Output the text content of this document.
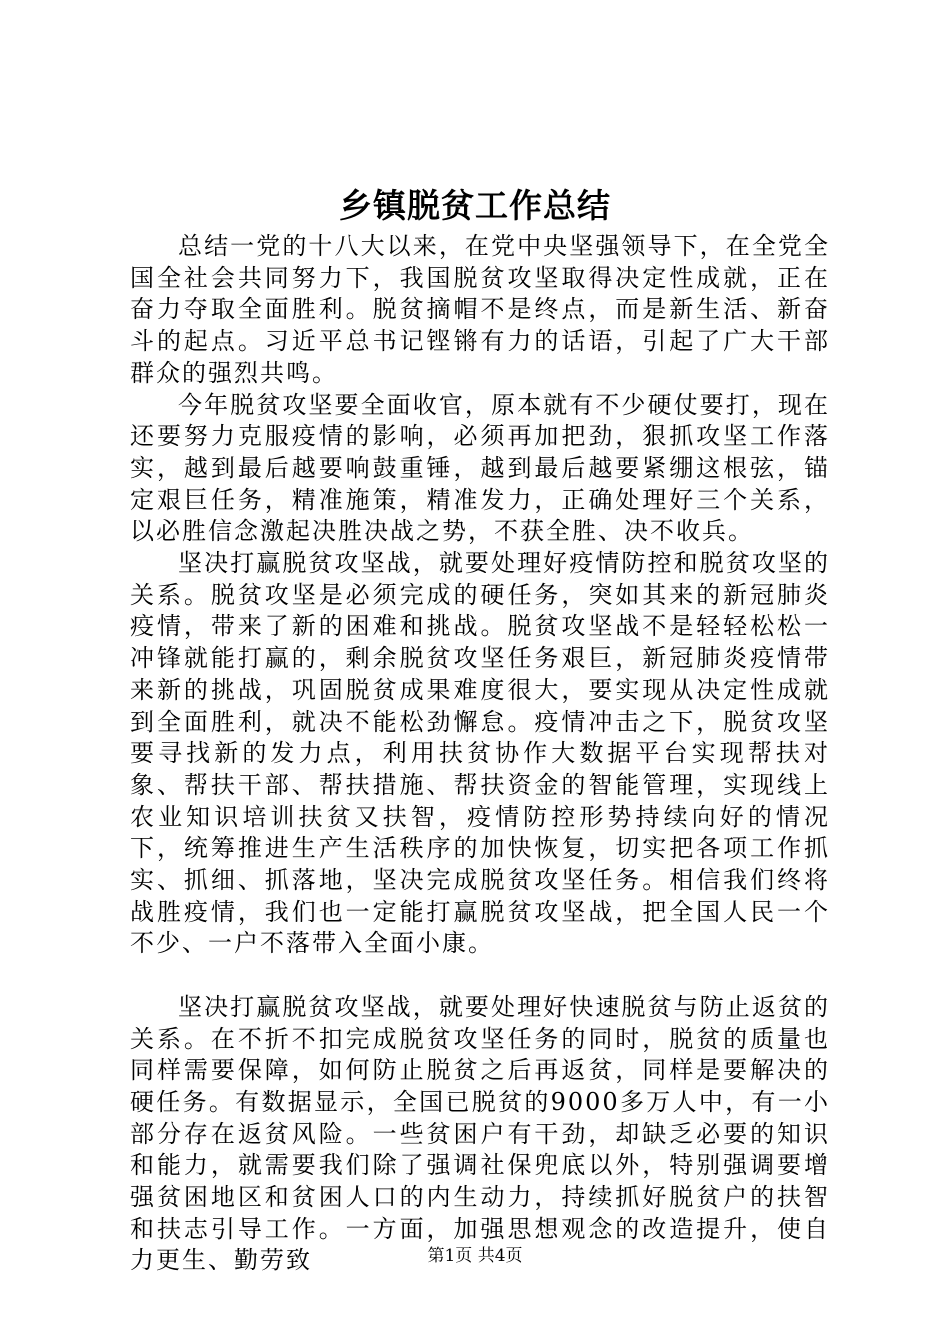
乡镇脱贫工作总结

总结一党的十八大以来，在党中央坚强领导下，在全党全国全社会共同努力下，我国脱贫攻坚取得决定性成就，正在奋力夺取全面胜利。脱贫摘帽不是终点，而是新生活、新奋斗的起点。习近平总书记铿锵有力的话语，引起了广大干部群众的强烈共鸣。

今年脱贫攻坚要全面收官，原本就有不少硬仗要打，现在还要努力克服疫情的影响，必须再加把劲，狠抓攻坚工作落实，越到最后越要响鼓重锤，越到最后越要紧绷这根弦，锚定艰巨任务，精准施策，精准发力，正确处理好三个关系，以必胜信念激起决胜决战之势，不获全胜、决不收兵。

坚决打赢脱贫攻坚战，就要处理好疫情防控和脱贫攻坚的关系。脱贫攻坚是必须完成的硬任务，突如其来的新冠肺炎疫情，带来了新的困难和挑战。脱贫攻坚战不是轻轻松松一冲锋就能打赢的，剩余脱贫攻坚任务艰巨，新冠肺炎疫情带来新的挑战，巩固脱贫成果难度很大，要实现从决定性成就到全面胜利，就决不能松劲懈怠。疫情冲击之下，脱贫攻坚要寻找新的发力点，利用扶贫协作大数据平台实现帮扶对象、帮扶干部、帮扶措施、帮扶资金的智能管理，实现线上农业知识培训扶贫又扶智，疫情防控形势持续向好的情况下，统筹推进生产生活秩序的加快恢复，切实把各项工作抓实、抓细、抓落地，坚决完成脱贫攻坚任务。相信我们终将战胜疫情，我们也一定能打赢脱贫攻坚战，把全国人民一个不少、一户不落带入全面小康。

坚决打赢脱贫攻坚战，就要处理好快速脱贫与防止返贫的关系。在不折不扣完成脱贫攻坚任务的同时，脱贫的质量也同样需要保障，如何防止脱贫之后再返贫，同样是要解决的硬任务。有数据显示，全国已脱贫的9000多万人中，有一小部分存在返贫风险。一些贫困户有干劲，却缺乏必要的知识和能力，就需要我们除了强调社保兜底以外，特别强调要增强贫困地区和贫困人口的内生动力，持续抓好脱贫户的扶智和扶志引导工作。一方面，加强思想观念的改造提升，使自力更生、勤劳致	第1页 共4页
